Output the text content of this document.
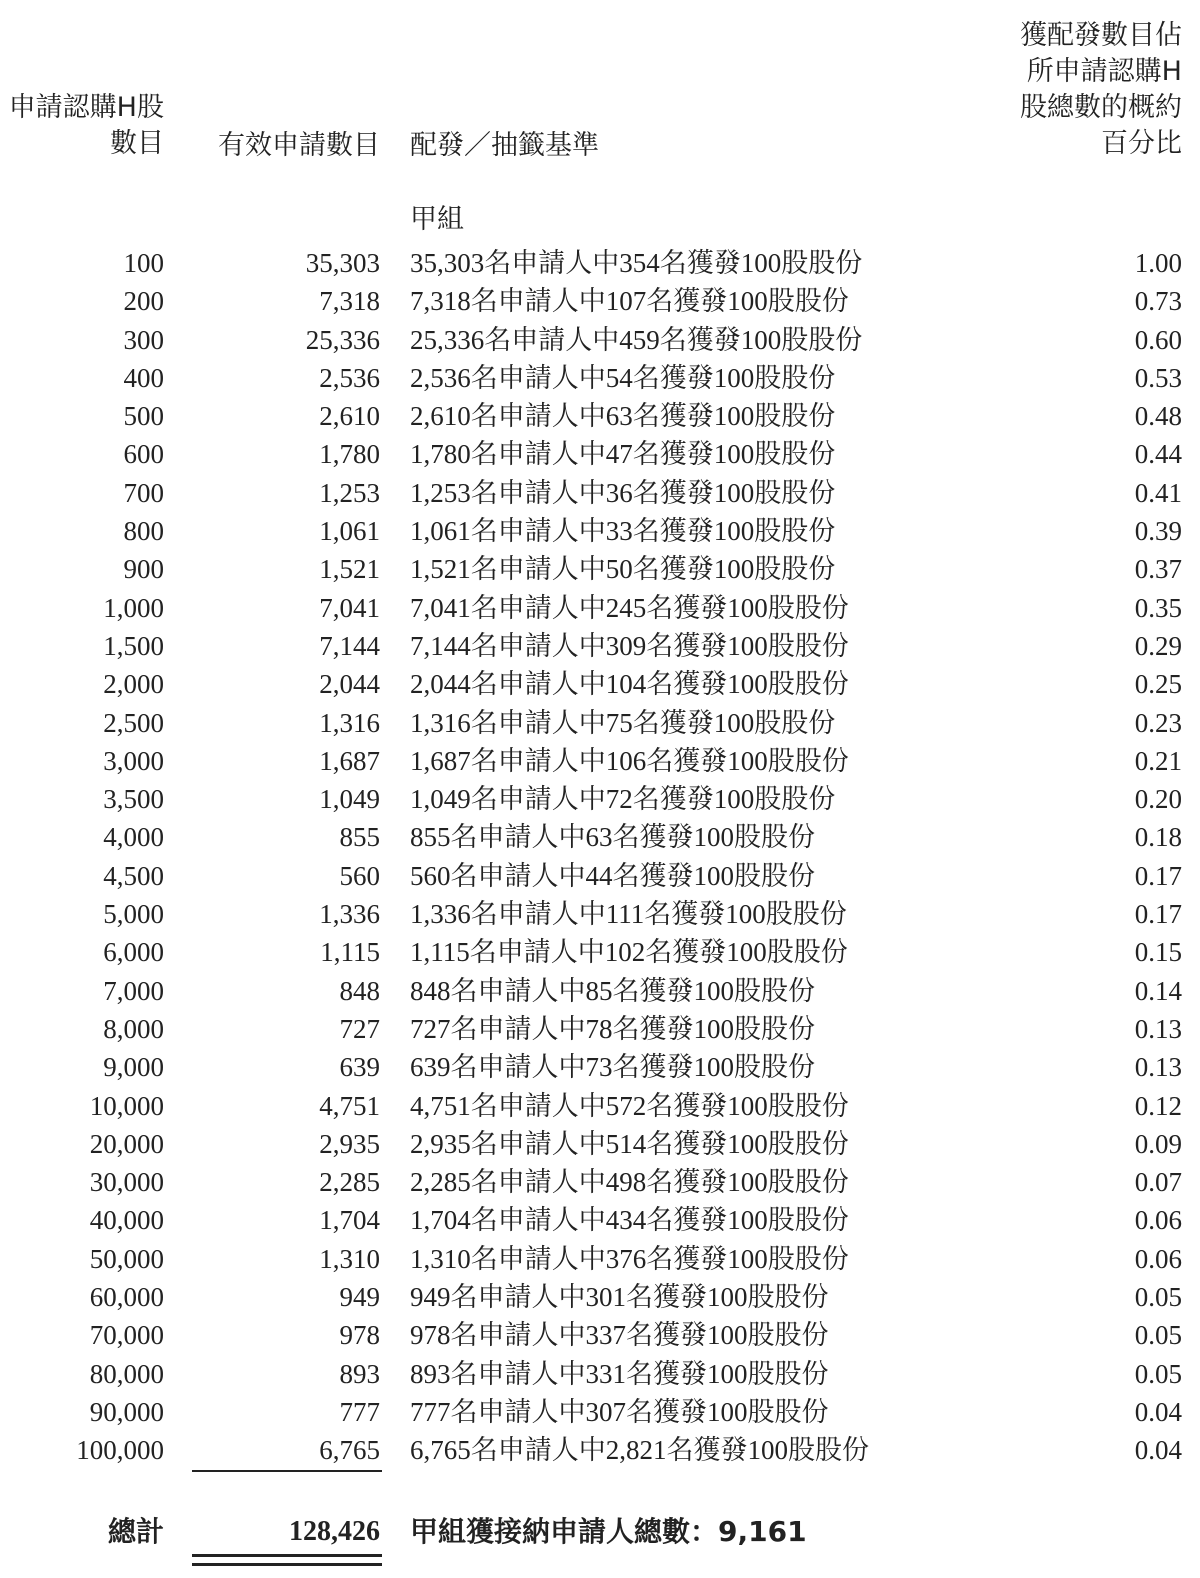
申請認購H股
數目 有效申請數目 配發／抽籤基準
獲配發數目佔
所申請認購H
股總數的概約
百分比
甲組
100	35,303 35,303名申請人中354名獲發100股股份	1.00
200	7,318 7,318名申請人中107名獲發100股股份	0.73
300	25,336 25,336名申請人中459名獲發100股股份	0.60
400	2,536 2,536名申請人中54名獲發100股股份	0.53
500	2,610 2,610名申請人中63名獲發100股股份	0.48
600	1,780 1,780名申請人中47名獲發100股股份	0.44
700	1,253 1,253名申請人中36名獲發100股股份	0.41
800	1,061 1,061名申請人中33名獲發100股股份	0.39
900	1,521 1,521名申請人中50名獲發100股股份	0.37
1,000	7,041 7,041名申請人中245名獲發100股股份	0.35
1,500	7,144 7,144名申請人中309名獲發100股股份	0.29
2,000	2,044 2,044名申請人中104名獲發100股股份	0.25
2,500	1,316 1,316名申請人中75名獲發100股股份	0.23
3,000	1,687 1,687名申請人中106名獲發100股股份	0.21
3,500	1,049 1,049名申請人中72名獲發100股股份	0.20
4,000	855 855名申請人中63名獲發100股股份	0.18
4,500	560 560名申請人中44名獲發100股股份	0.17
5,000	1,336 1,336名申請人中111名獲發100股股份	0.17
6,000	1,115 1,115名申請人中102名獲發100股股份	0.15
7,000	848 848名申請人中85名獲發100股股份	0.14
8,000	727 727名申請人中78名獲發100股股份	0.13
9,000	639 639名申請人中73名獲發100股股份	0.13
10,000	4,751 4,751名申請人中572名獲發100股股份	0.12
20,000	2,935 2,935名申請人中514名獲發100股股份	0.09
30,000	2,285 2,285名申請人中498名獲發100股股份	0.07
40,000	1,704 1,704名申請人中434名獲發100股股份	0.06
50,000	1,310 1,310名申請人中376名獲發100股股份	0.06
60,000	949 949名申請人中301名獲發100股股份	0.05
70,000	978 978名申請人中337名獲發100股股份	0.05
80,000	893 893名申請人中331名獲發100股股份	0.05
90,000	777 777名申請人中307名獲發100股股份	0.04
100,000	6,765 6,765名申請人中2,821名獲發100股股份	0.04
總計	128,426 甲組獲接納申請人總數：9,161
